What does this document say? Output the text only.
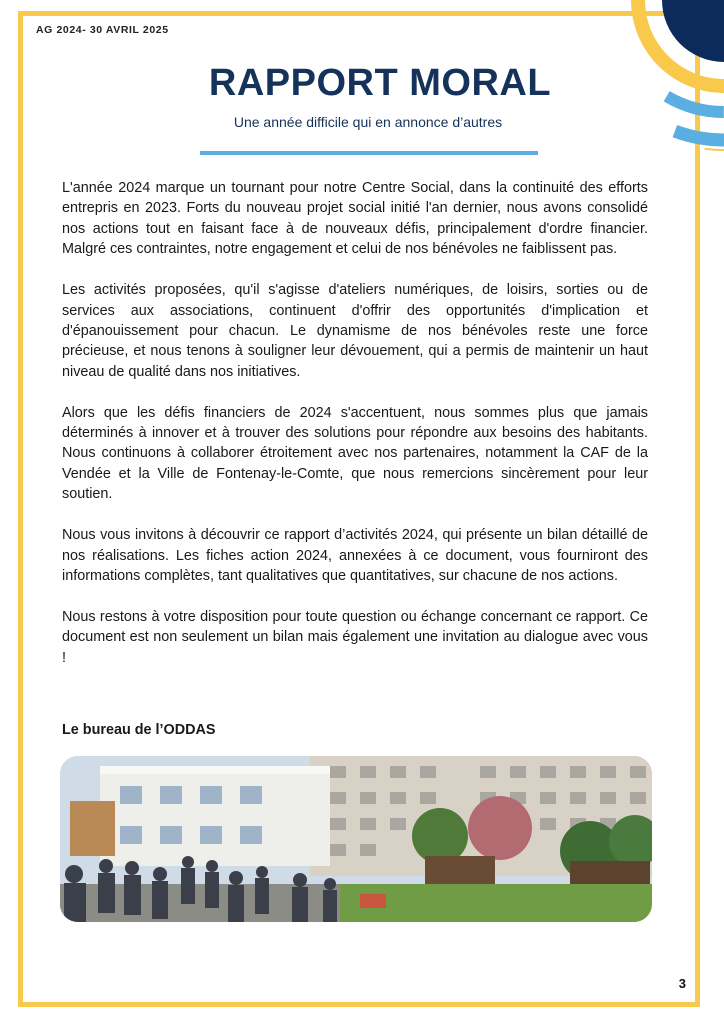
AG 2024- 30 AVRIL 2025
RAPPORT MORAL
Une année difficile qui en annonce d’autres

L'année 2024 marque un tournant pour notre Centre Social, dans la continuité des efforts entrepris en 2023. Forts du nouveau projet social initié l'an dernier, nous avons consolidé nos actions tout en faisant face à de nouveaux défis, principalement d'ordre financier. Malgré ces contraintes, notre engagement et celui de nos bénévoles ne faiblissent pas.

Les activités proposées, qu'il s'agisse d'ateliers numériques, de loisirs, sorties ou de services aux associations, continuent d'offrir des opportunités d'implication et d'épanouissement pour chacun. Le dynamisme de nos bénévoles reste une force précieuse, et nous tenons à souligner leur dévouement, qui a permis de maintenir un haut niveau de qualité dans nos initiatives.

Alors que les défis financiers de 2024 s'accentuent, nous sommes plus que jamais déterminés à innover et à trouver des solutions pour répondre aux besoins des habitants. Nous continuons à collaborer étroitement avec nos partenaires, notamment la CAF de la Vendée et la Ville de Fontenay-le-Comte, que nous remercions sincèrement pour leur soutien.

Nous vous invitons à découvrir ce rapport d’activités 2024, qui présente un bilan détaillé de nos réalisations. Les fiches action 2024, annexées à ce document, vous fourniront des informations complètes, tant qualitatives que quantitatives, sur chacune de nos actions.

Nous restons à votre disposition pour toute question ou échange concernant ce rapport. Ce document est non seulement un bilan mais également une invitation au dialogue avec vous !

Le bureau de l’ODDAS
3
